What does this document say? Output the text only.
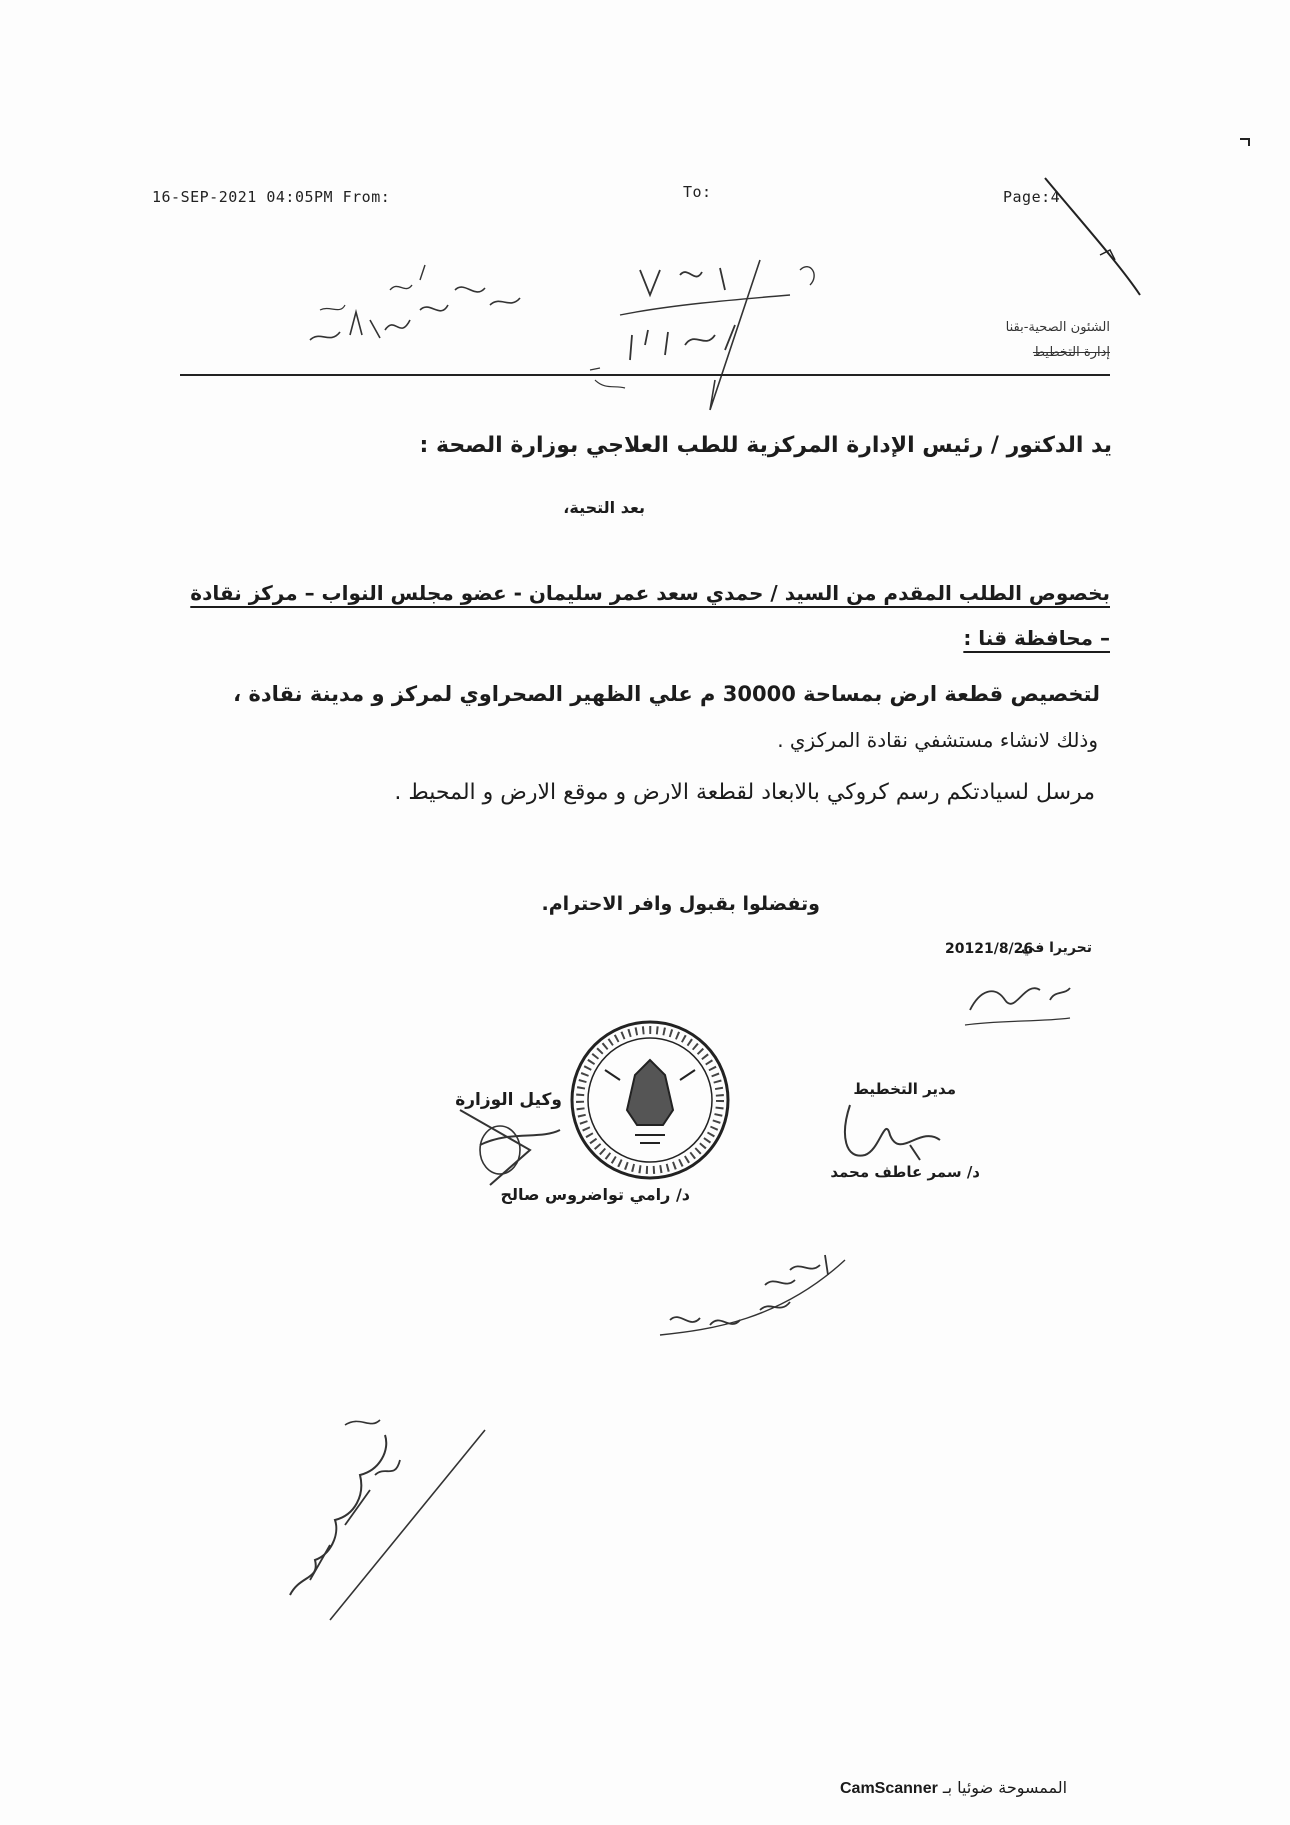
16-SEP-2021 04:05PM From:	To:	Page:4
الشئون الصحية-بقنا
إدارة التخطيط
يد الدكتور / رئيس الإدارة المركزية للطب العلاجي بوزارة الصحة :
بعد التحية،
بخصوص الطلب المقدم من السيد / حمدي سعد عمر سليمان - عضو مجلس النواب – مركز نقادة
– محافظة قنا :
لتخصيص قطعة ارض بمساحة 30000 م علي الظهير الصحراوي لمركز و مدينة نقادة ،
وذلك لانشاء مستشفي نقادة المركزي .
مرسل لسيادتكم رسم كروكي بالابعاد لقطعة الارض و موقع الارض و المحيط .
وتفضلوا بقبول وافر الاحترام.
تحريرا في
20121/8/26
مدير التخطيط
د/ سمر عاطف محمد
وكيل الوزارة
د/ رامي تواضروس صالح
CamScanner الممسوحة ضوئيا بـ
